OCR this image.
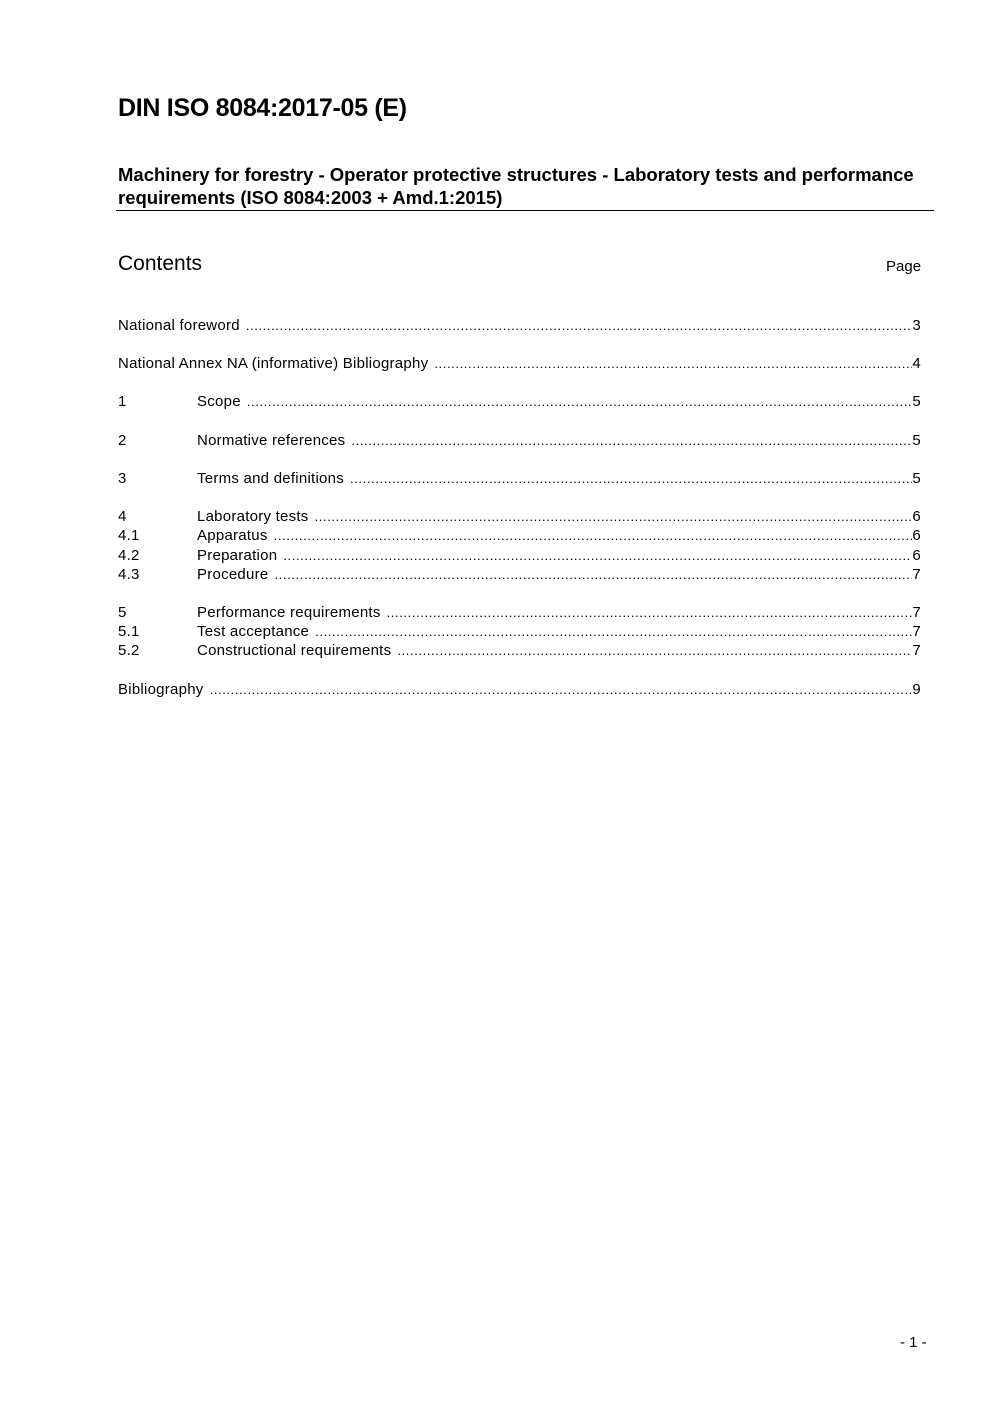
DIN ISO 8084:2017-05 (E)
Machinery for forestry - Operator protective structures - Laboratory tests and performance requirements (ISO 8084:2003 + Amd.1:2015)
Contents	Page
National foreword .....	3
National Annex NA (informative) Bibliography .....	4
1	Scope .....	5
2	Normative references .....	5
3	Terms and definitions .....	5
4	Laboratory tests .....	6
4.1	Apparatus .....	6
4.2	Preparation .....	6
4.3	Procedure .....	7
5	Performance requirements .....	7
5.1	Test acceptance .....	7
5.2	Constructional requirements .....	7
Bibliography .....	9
- 1 -
